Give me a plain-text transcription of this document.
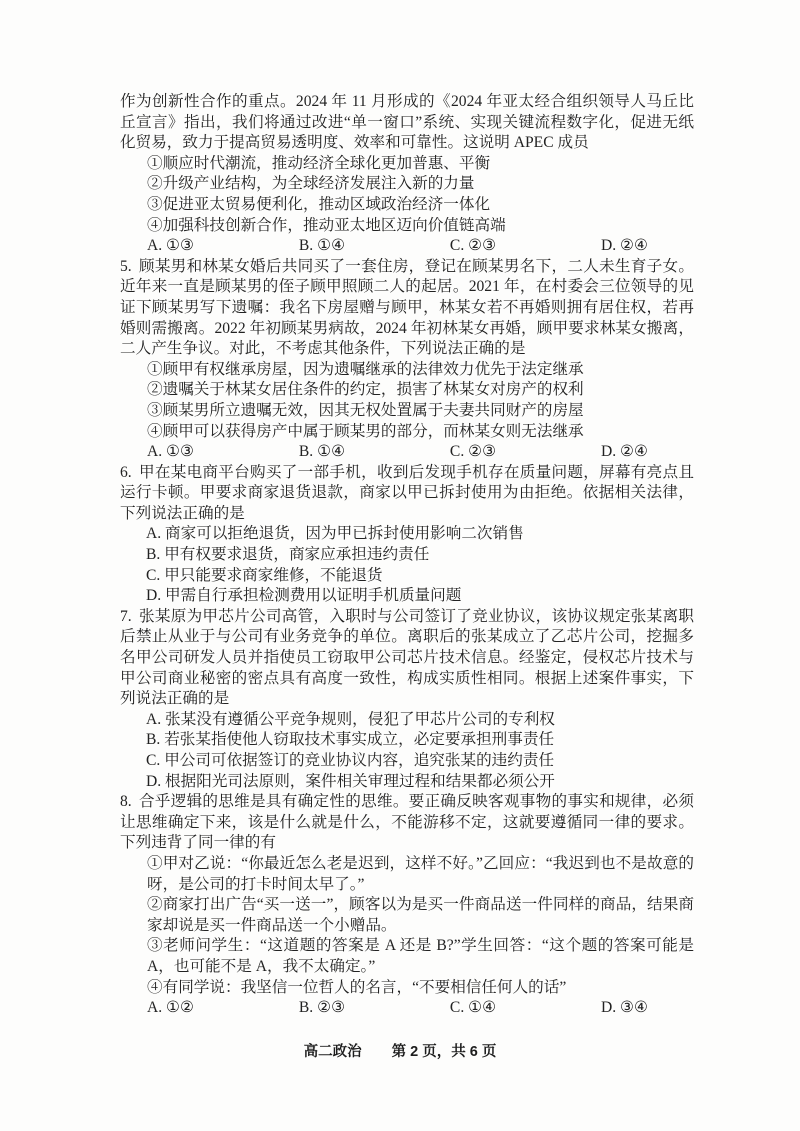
作为创新性合作的重点。2024 年 11 月形成的《2024 年亚太经合组织领导人马丘比丘宣言》指出，我们将通过改进“单一窗口”系统、实现关键流程数字化，促进无纸化贸易，致力于提高贸易透明度、效率和可靠性。这说明 APEC 成员

①顺应时代潮流，推动经济全球化更加普惠、平衡

②升级产业结构，为全球经济发展注入新的力量

③促进亚太贸易便利化，推动区域政治经济一体化

④加强科技创新合作，推动亚太地区迈向价值链高端

A. ①③	B. ①④	C. ②③	D. ②④

5. 顾某男和林某女婚后共同买了一套住房，登记在顾某男名下，二人未生育子女。近年来一直是顾某男的侄子顾甲照顾二人的起居。2021 年，在村委会三位领导的见证下顾某男写下遗嘱：我名下房屋赠与顾甲，林某女若不再婚则拥有居住权，若再婚则需搬离。2022 年初顾某男病故，2024 年初林某女再婚，顾甲要求林某女搬离，二人产生争议。对此，不考虑其他条件，下列说法正确的是

①顾甲有权继承房屋，因为遗嘱继承的法律效力优先于法定继承

②遗嘱关于林某女居住条件的约定，损害了林某女对房产的权利

③顾某男所立遗嘱无效，因其无权处置属于夫妻共同财产的房屋

④顾甲可以获得房产中属于顾某男的部分，而林某女则无法继承

A. ①③	B. ①④	C. ②③	D. ②④

6. 甲在某电商平台购买了一部手机，收到后发现手机存在质量问题，屏幕有亮点且运行卡顿。甲要求商家退货退款，商家以甲已拆封使用为由拒绝。依据相关法律，下列说法正确的是

A. 商家可以拒绝退货，因为甲已拆封使用影响二次销售

B. 甲有权要求退货，商家应承担违约责任

C. 甲只能要求商家维修，不能退货

D. 甲需自行承担检测费用以证明手机质量问题

7. 张某原为甲芯片公司高管，入职时与公司签订了竞业协议，该协议规定张某离职后禁止从业于与公司有业务竞争的单位。离职后的张某成立了乙芯片公司，挖掘多名甲公司研发人员并指使员工窃取甲公司芯片技术信息。经鉴定，侵权芯片技术与甲公司商业秘密的密点具有高度一致性，构成实质性相同。根据上述案件事实，下列说法正确的是

A. 张某没有遵循公平竞争规则，侵犯了甲芯片公司的专利权

B. 若张某指使他人窃取技术事实成立，必定要承担刑事责任

C. 甲公司可依据签订的竞业协议内容，追究张某的违约责任

D. 根据阳光司法原则，案件相关审理过程和结果都必须公开

8. 合乎逻辑的思维是具有确定性的思维。要正确反映客观事物的事实和规律，必须让思维确定下来，该是什么就是什么，不能游移不定，这就要遵循同一律的要求。下列违背了同一律的有

①甲对乙说：“你最近怎么老是迟到，这样不好。”乙回应：“我迟到也不是故意的呀，是公司的打卡时间太早了。”

②商家打出广告“买一送一”，顾客以为是买一件商品送一件同样的商品，结果商家却说是买一件商品送一个小赠品。

③老师问学生：“这道题的答案是 A 还是 B?”学生回答：“这个题的答案可能是 A，也可能不是 A，我不太确定。”

④有同学说：我坚信一位哲人的名言，“不要相信任何人的话”

A. ①②	B. ②③	C. ①④	D. ③④
高二政治 第 2 页，共 6 页
